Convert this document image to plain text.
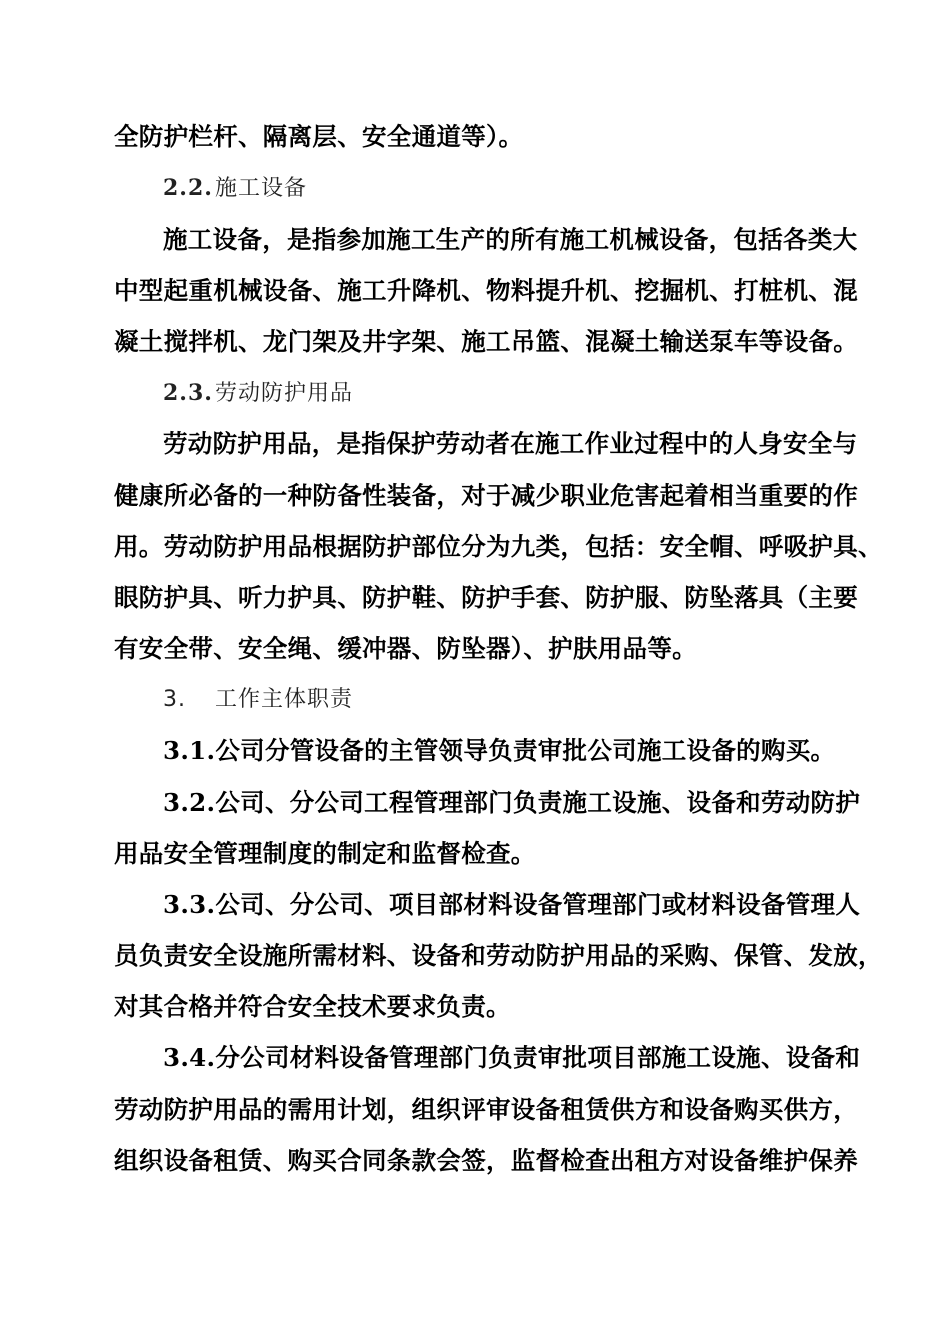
全防护栏杆、隔离层、安全通道等）。
2.2.施工设备
施工设备，是指参加施工生产的所有施工机械设备，包括各类大
中型起重机械设备、施工升降机、物料提升机、挖掘机、打桩机、混
凝土搅拌机、龙门架及井字架、施工吊篮、混凝土输送泵车等设备。
2.3.劳动防护用品
劳动防护用品，是指保护劳动者在施工作业过程中的人身安全与
健康所必备的一种防备性装备，对于减少职业危害起着相当重要的作
用。劳动防护用品根据防护部位分为九类，包括：安全帽、呼吸护具、
眼防护具、听力护具、防护鞋、防护手套、防护服、防坠落具（主要
有安全带、安全绳、缓冲器、防坠器）、护肤用品等。
3. 工作主体职责
3.1.公司分管设备的主管领导负责审批公司施工设备的购买。
3.2.公司、分公司工程管理部门负责施工设施、设备和劳动防护
用品安全管理制度的制定和监督检查。
3.3.公司、分公司、项目部材料设备管理部门或材料设备管理人
员负责安全设施所需材料、设备和劳动防护用品的采购、保管、发放，
对其合格并符合安全技术要求负责。
3.4.分公司材料设备管理部门负责审批项目部施工设施、设备和
劳动防护用品的需用计划，组织评审设备租赁供方和设备购买供方，
组织设备租赁、购买合同条款会签，监督检查出租方对设备维护保养
